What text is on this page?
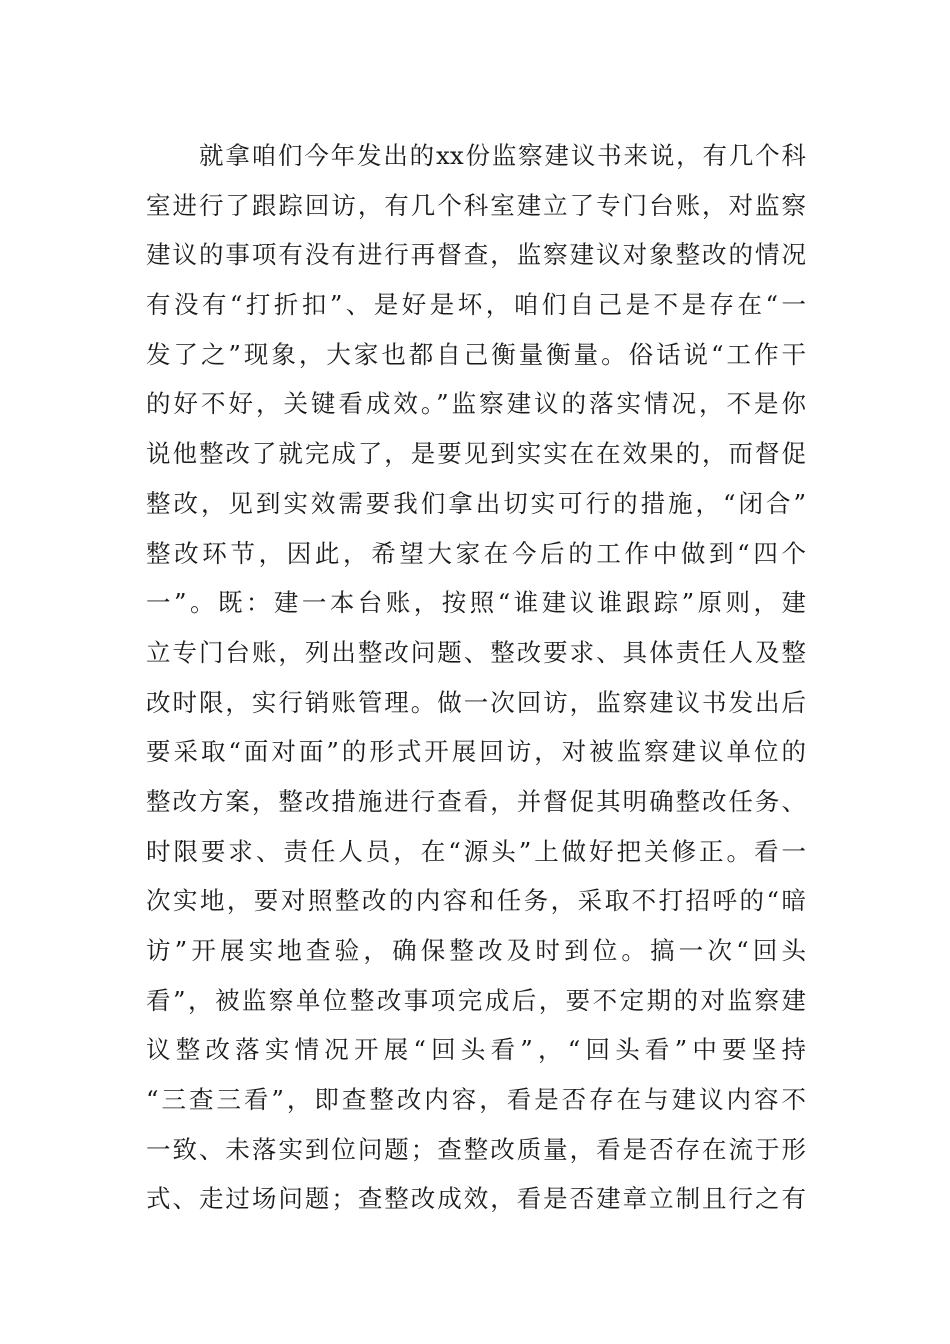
就拿咱们今年发出的xx份监察建议书来说，有几个科
室进行了跟踪回访，有几个科室建立了专门台账，对监察
建议的事项有没有进行再督查，监察建议对象整改的情况
有没有“打折扣”、是好是坏，咱们自己是不是存在“一
发了之”现象，大家也都自己衡量衡量。俗话说“工作干
的好不好，关键看成效。”监察建议的落实情况，不是你
说他整改了就完成了，是要见到实实在在效果的，而督促
整改，见到实效需要我们拿出切实可行的措施，“闭合”
整改环节，因此，希望大家在今后的工作中做到“四个
一”。既：建一本台账，按照“谁建议谁跟踪”原则，建
立专门台账，列出整改问题、整改要求、具体责任人及整
改时限，实行销账管理。做一次回访，监察建议书发出后
要采取“面对面”的形式开展回访，对被监察建议单位的
整改方案，整改措施进行查看，并督促其明确整改任务、
时限要求、责任人员，在“源头”上做好把关修正。看一
次实地，要对照整改的内容和任务，采取不打招呼的“暗
访”开展实地查验，确保整改及时到位。搞一次“回头
看”，被监察单位整改事项完成后，要不定期的对监察建
议整改落实情况开展“回头看”，“回头看”中要坚持
“三查三看”，即查整改内容，看是否存在与建议内容不
一致、未落实到位问题；查整改质量，看是否存在流于形
式、走过场问题；查整改成效，看是否建章立制且行之有
